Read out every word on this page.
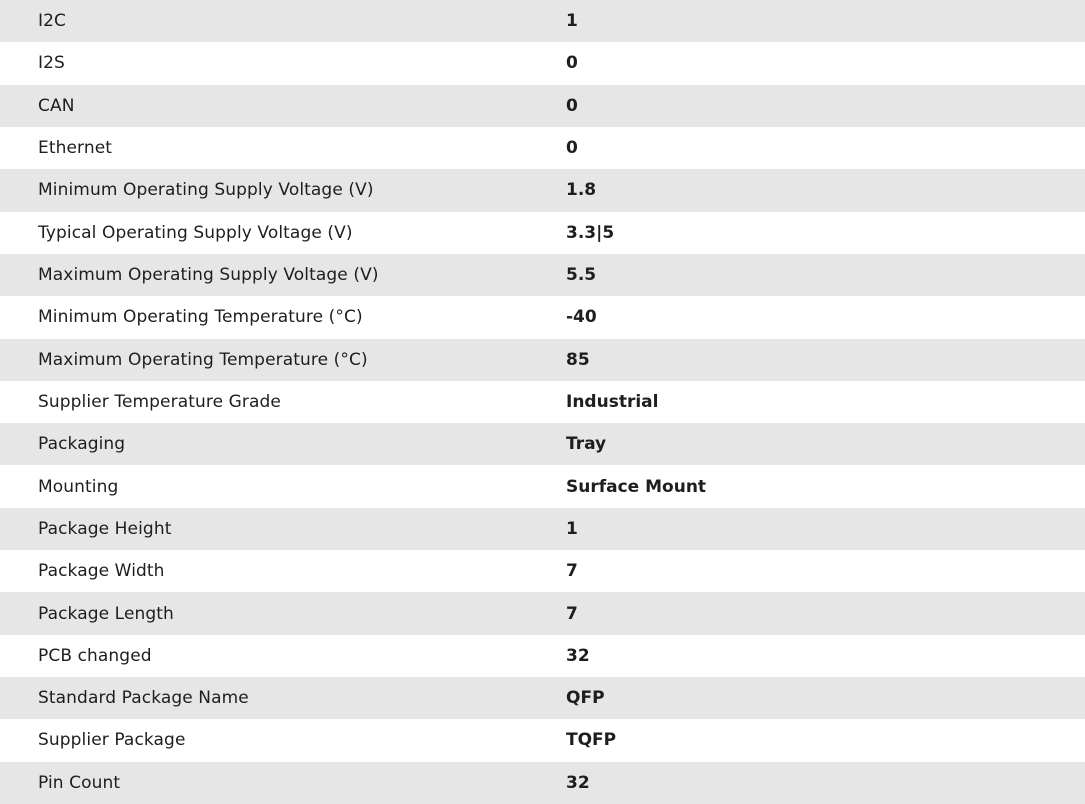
I2C	1
I2S	0
CAN	0
Ethernet	0
Minimum Operating Supply Voltage (V)	1.8
Typical Operating Supply Voltage (V)	3.3|5
Maximum Operating Supply Voltage (V)	5.5
Minimum Operating Temperature (°C)	-40
Maximum Operating Temperature (°C)	85
Supplier Temperature Grade	Industrial
Packaging	Tray
Mounting	Surface Mount
Package Height	1
Package Width	7
Package Length	7
PCB changed	32
Standard Package Name	QFP
Supplier Package	TQFP
Pin Count	32
